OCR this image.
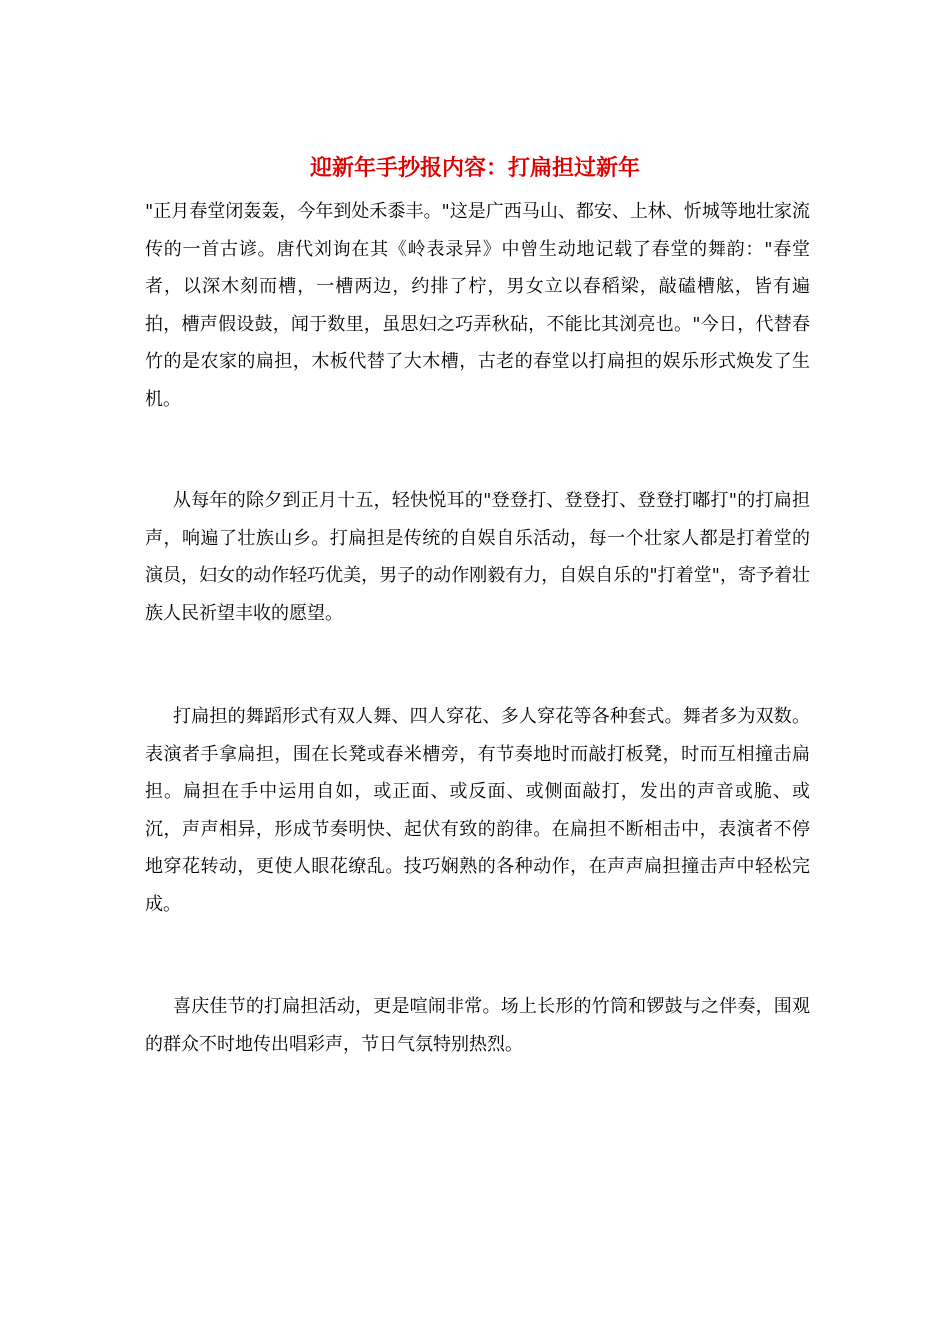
迎新年手抄报内容：打扁担过新年

"正月春堂闭轰轰，今年到处禾黍丰。"这是广西马山、都安、上林、忻城等地壮家流传的一首古谚。唐代刘询在其《岭表录异》中曾生动地记载了春堂的舞韵："春堂者，以深木刻而槽，一槽两边，约排了柠，男女立以春稻梁，敲磕槽舷，皆有遍拍，槽声假设鼓，闻于数里，虽思妇之巧弄秋砧，不能比其浏亮也。"今日，代替春竹的是农家的扁担，木板代替了大木槽，古老的春堂以打扁担的娱乐形式焕发了生机。

从每年的除夕到正月十五，轻快悦耳的"登登打、登登打、登登打嘟打"的打扁担声，响遍了壮族山乡。打扁担是传统的自娱自乐活动，每一个壮家人都是打着堂的演员，妇女的动作轻巧优美，男子的动作刚毅有力，自娱自乐的"打着堂"，寄予着壮族人民祈望丰收的愿望。

打扁担的舞蹈形式有双人舞、四人穿花、多人穿花等各种套式。舞者多为双数。表演者手拿扁担，围在长凳或春米槽旁，有节奏地时而敲打板凳，时而互相撞击扁担。扁担在手中运用自如，或正面、或反面、或侧面敲打，发出的声音或脆、或沉，声声相异，形成节奏明快、起伏有致的韵律。在扁担不断相击中，表演者不停地穿花转动，更使人眼花缭乱。技巧娴熟的各种动作，在声声扁担撞击声中轻松完成。

喜庆佳节的打扁担活动，更是喧闹非常。场上长形的竹筒和锣鼓与之伴奏，围观的群众不时地传出唱彩声，节日气氛特别热烈。
